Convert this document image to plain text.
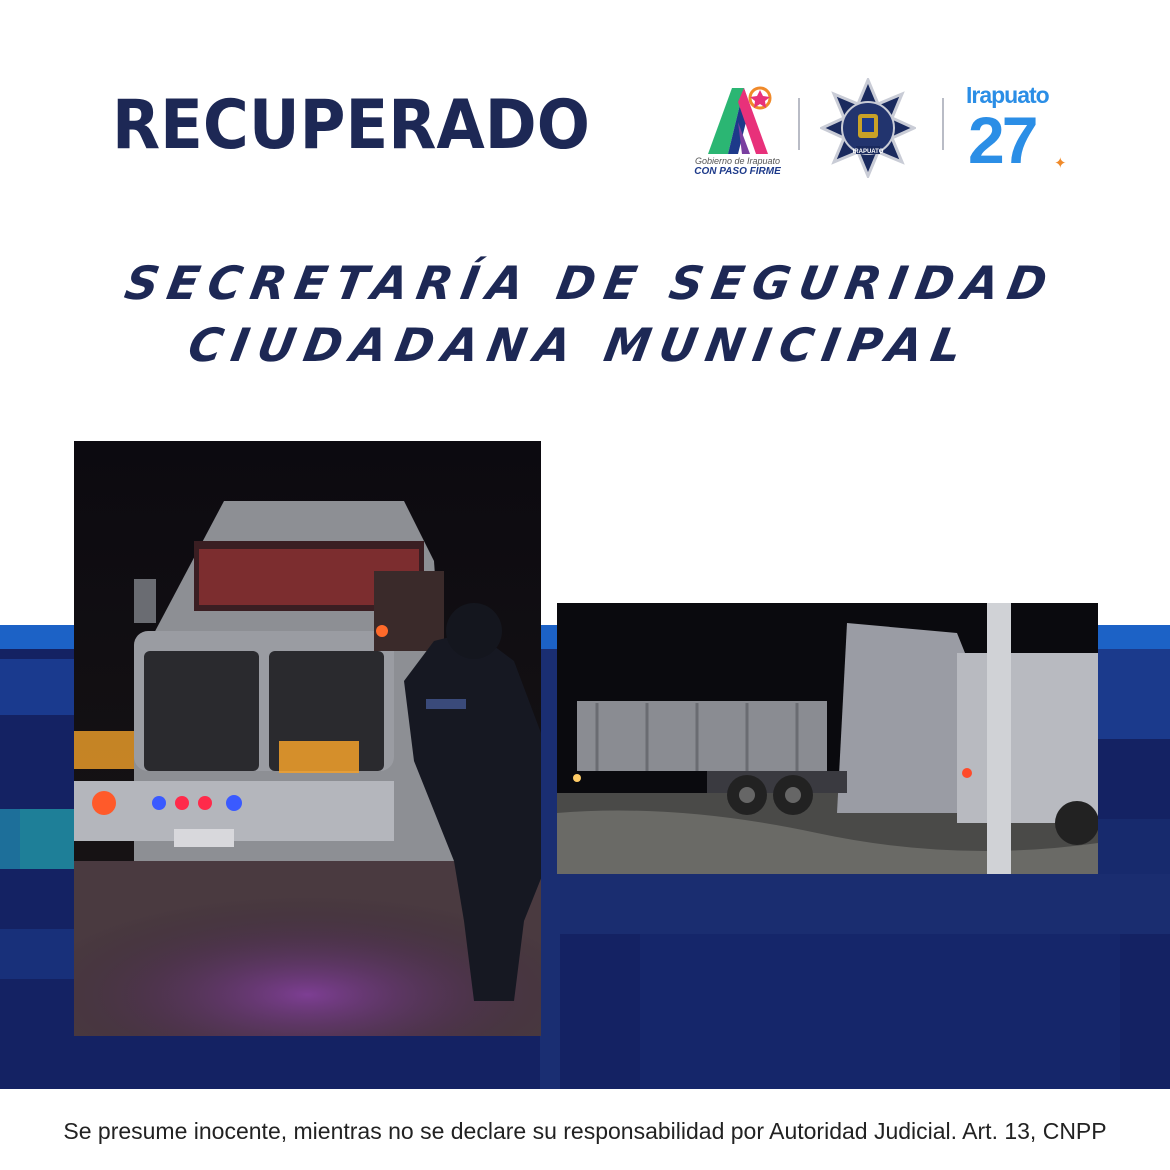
RECUPERADO	Gobierno de Irapuato
CON PASO FIRME
IRAPUATO
Irapuato
27 ✦
SECRETARÍA DE SEGURIDAD
CIUDADANA MUNICIPAL
Se presume inocente, mientras no se declare su responsabilidad por Autoridad Judicial. Art. 13, CNPP
